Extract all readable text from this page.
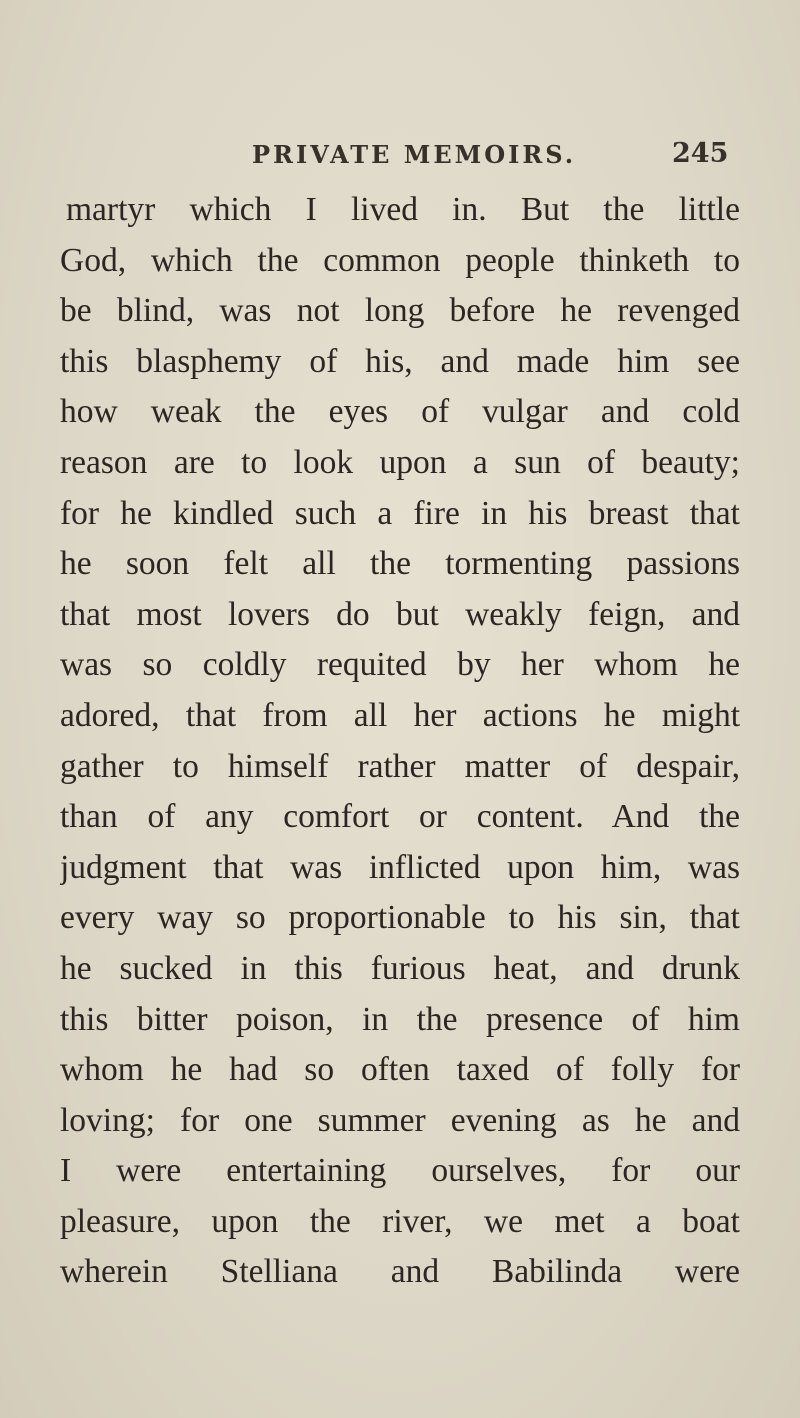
PRIVATE MEMOIRS.	245
martyr which I lived in. But the little
God, which the common people thinketh to
be blind, was not long before he revenged
this blasphemy of his, and made him see
how weak the eyes of vulgar and cold
reason are to look upon a sun of beauty;
for he kindled such a fire in his breast that
he soon felt all the tormenting passions
that most lovers do but weakly feign, and
was so coldly requited by her whom he
adored, that from all her actions he might
gather to himself rather matter of despair,
than of any comfort or content. And the
judgment that was inflicted upon him, was
every way so proportionable to his sin, that
he sucked in this furious heat, and drunk
this bitter poison, in the presence of him
whom he had so often taxed of folly for
loving; for one summer evening as he and
I were entertaining ourselves, for our
pleasure, upon the river, we met a boat
wherein Stelliana and Babilinda were
